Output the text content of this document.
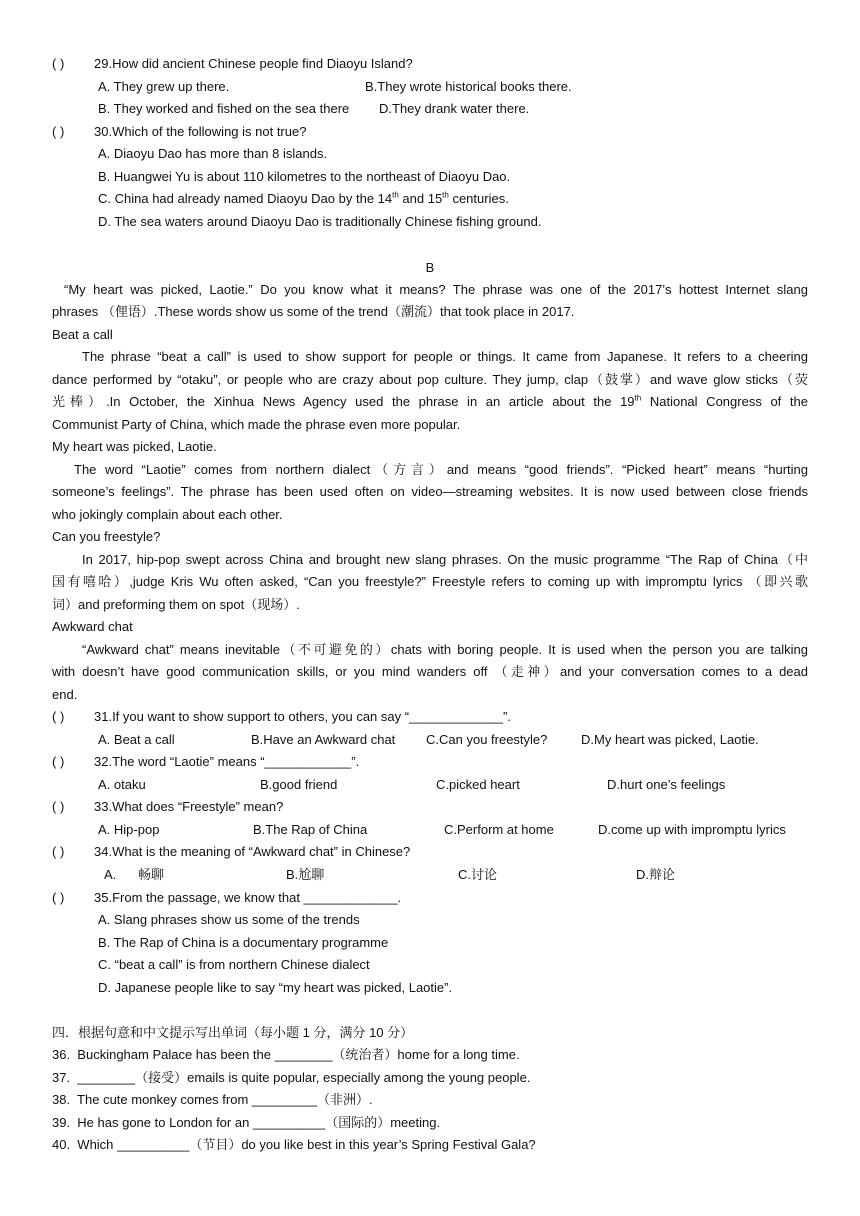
( ) 29.How did ancient Chinese people find Diaoyu Island?
A. They grew up there.	B.They wrote historical books there.
B. They worked and fished on the sea there D.They drank water there.
( ) 30.Which of the following is not true?
A. Diaoyu Dao has more than 8 islands.
B. Huangwei Yu is about 110 kilometres to the northeast of Diaoyu Dao.
C. China had already named Diaoyu Dao by the 14th and 15th centuries.
D. The sea waters around Diaoyu Dao is traditionally Chinese fishing ground.
B
“My heart was picked, Laotie.” Do you know what it means? The phrase was one of the 2017’s hottest Internet slang
phrases （俚语）.These words show us some of the trend（潮流）that took place in 2017.
Beat a call
The phrase “beat a call” is used to show support for people or things. It came from Japanese. It refers to a cheering
dance performed by “otaku”, or people who are crazy about pop culture. They jump, clap（鼓掌）and wave glow sticks（荧
光棒）.In October, the Xinhua News Agency used the phrase in an article about the 19th National Congress of the
Communist Party of China, which made the phrase even more popular.
My heart was picked, Laotie.
The word “Laotie” comes from northern dialect（方言）and means “good friends”. “Picked heart” means “hurting
someone’s feelings”. The phrase has been used often on video—streaming websites. It is now used between close friends
who jokingly complain about each other.
Can you freestyle?
In 2017, hip-pop swept across China and brought new slang phrases. On the music programme “The Rap of China（中
国有嘻哈）,judge Kris Wu often asked, “Can you freestyle?” Freestyle refers to coming up with impromptu lyrics （即兴歌
词）and preforming them on spot（现场）.
Awkward chat
“Awkward chat” means inevitable（不可避免的）chats with boring people. It is used when the person you are talking
with doesn’t have good communication skills, or you mind wanders off （走神）and your conversation comes to a dead
end.
( ) 31.If you want to show support to others, you can say “_____________”.
A. Beat a call	B.Have an Awkward chat C.Can you freestyle?	D.My heart was picked, Laotie.
( ) 32.The word “Laotie” means “____________”.
A. otaku	B.good friend	C.picked heart	D.hurt one’s feelings
( ) 33.What does “Freestyle” mean?
A. Hip-pop	B.The Rap of China	C.Perform at home	D.come up with impromptu lyrics
( ) 34.What is the meaning of “Awkward chat” in Chinese?
A.      畅聊	B.尬聊	C.讨论	D.辩论
( ) 35.From the passage, we know that _____________.
A. Slang phrases show us some of the trends
B. The Rap of China is a documentary programme
C. “beat a call” is from northern Chinese dialect
D. Japanese people like to say “my heart was picked, Laotie”.
四．根据句意和中文提示写出单词（每小题 1 分，满分 10 分）
36.  Buckingham Palace has been the ________（统治者）home for a long time.
37.  ________（接受）emails is quite popular, especially among the young people.
38.  The cute monkey comes from _________（非洲）.
39.  He has gone to London for an __________（国际的）meeting.
40.  Which __________（节目）do you like best in this year’s Spring Festival Gala?
